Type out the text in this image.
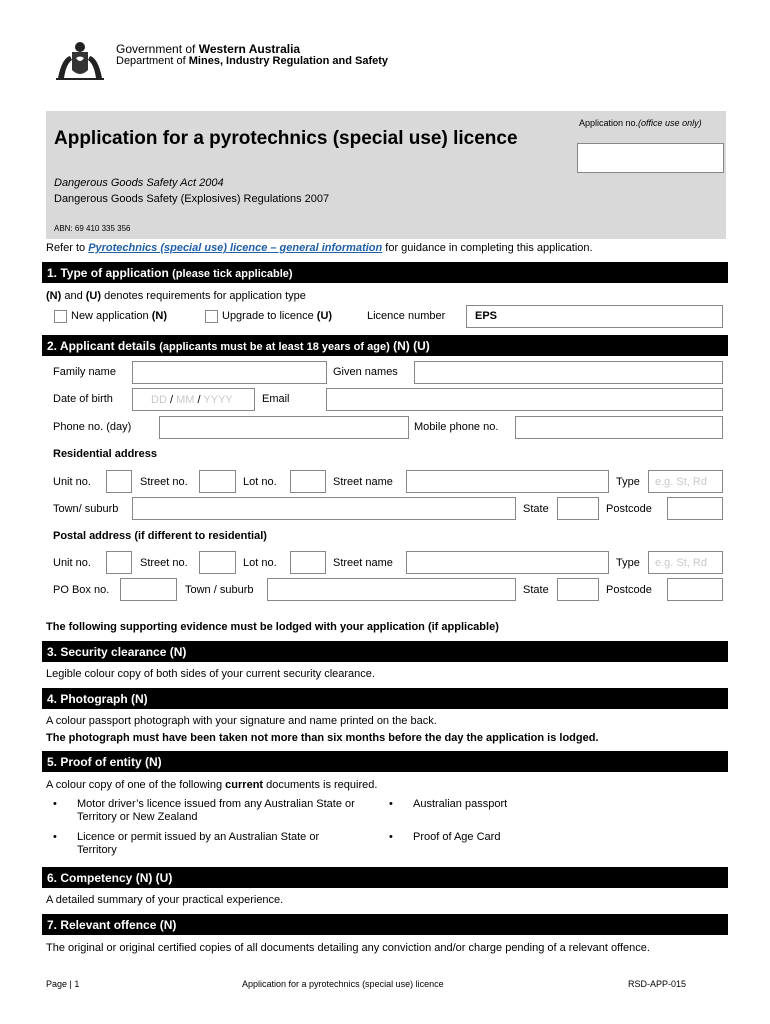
Government of Western Australia
Department of Mines, Industry Regulation and Safety
Application for a pyrotechnics (special use) licence
Application no.(office use only)
Dangerous Goods Safety Act 2004
Dangerous Goods Safety (Explosives) Regulations 2007
ABN: 69 410 335 356
Refer to Pyrotechnics (special use) licence – general information for guidance in completing this application.
1. Type of application (please tick applicable)
(N) and (U) denotes requirements for application type
New application (N)	Upgrade to licence (U)	Licence number	EPS
2. Applicant details (applicants must be at least 18 years of age) (N) (U)
Family name	Given names
Date of birth	DD / MM / YYYY	Email
Phone no. (day)	Mobile phone no.
Residential address
Unit no.	Street no.	Lot no.	Street name	Type	e.g. St, Rd
Town/ suburb	State	Postcode
Postal address (if different to residential)
Unit no.	Street no.	Lot no.	Street name	Type	e.g. St, Rd
PO Box no.	Town / suburb	State	Postcode
The following supporting evidence must be lodged with your application (if applicable)
3. Security clearance (N)
Legible colour copy of both sides of your current security clearance.
4. Photograph (N)
A colour passport photograph with your signature and name printed on the back.
The photograph must have been taken not more than six months before the day the application is lodged.
5. Proof of entity (N)
A colour copy of one of the following current documents is required.
• Motor driver’s licence issued from any Australian State or Territory or New Zealand
• Australian passport
• Licence or permit issued by an Australian State or Territory
• Proof of Age Card
6. Competency (N) (U)
A detailed summary of your practical experience.
7. Relevant offence (N)
The original or original certified copies of all documents detailing any conviction and/or charge pending of a relevant offence.
Page | 1	Application for a pyrotechnics (special use) licence	RSD-APP-015
